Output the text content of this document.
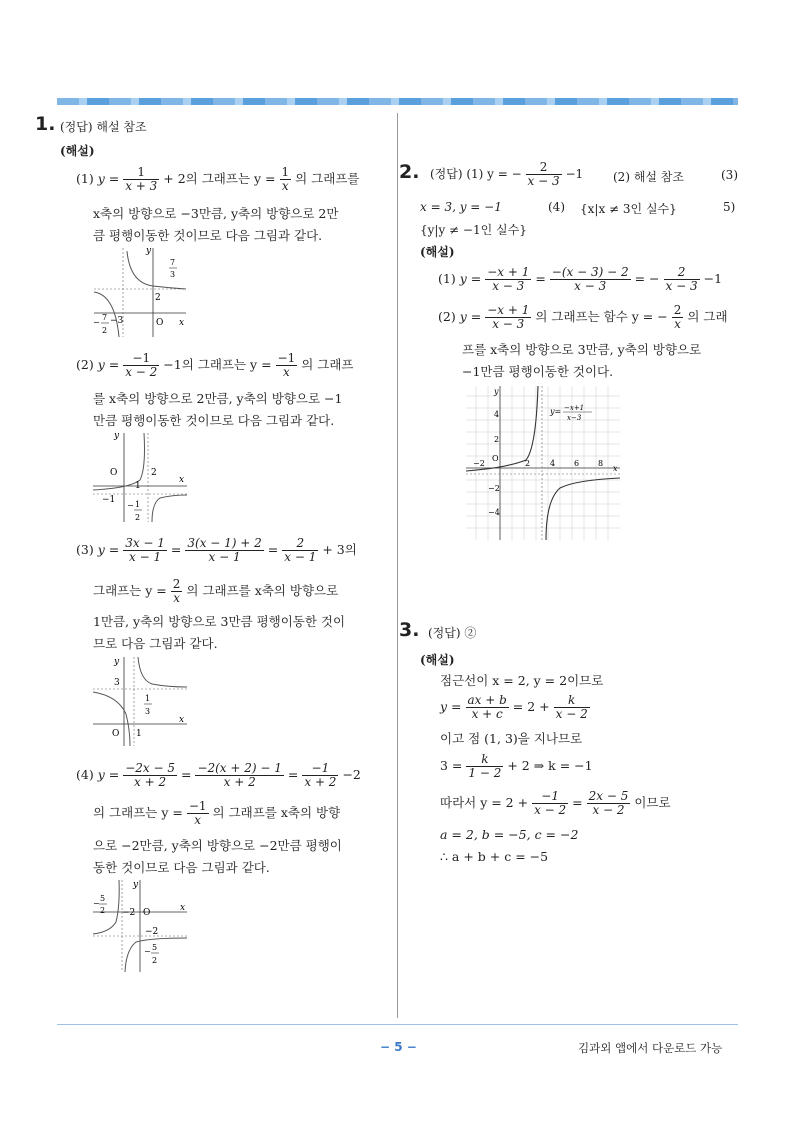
1. (정답) 해설 참조
(해설)
(1) $y = \frac{1}{x + 3} + 2$의 그래프는 $y = \frac{1}{x}$ 의 그래프를
x축의 방향으로 −3만큼, y축의 방향으로 2만
큼 평행이동한 것이므로 다음 그림과 같다.
y
x
O
−3
2
7
3
−
7
2
(2) $y = \frac{-1}{x - 2} -1$의 그래프는 $y = \frac{-1}{x}$ 의 그래프
를 x축의 방향으로 2만큼, y축의 방향으로 −1
만큼 평행이동한 것이므로 다음 그림과 같다.
y
x
O	2
1
−1
− 1
2
(3) $y = \frac{3x - 1}{x - 1} = \frac{3(x - 1) + 2}{x - 1} = \frac{2}{x - 1} + 3$의
그래프는 $y = \frac{2}{x}$ 의 그래프를 x축의 방향으로
1만큼, y축의 방향으로 3만큼 평행이동한 것이
므로 다음 그림과 같다.
y
x
O
3
1
1
3
(4) $y = \frac{-2x - 5}{x + 2} = \frac{-2(x + 2) - 1}{x + 2} = \frac{-1}{x + 2} -2$
의 그래프는 $y = \frac{-1}{x}$ 의 그래프를 x축의 방향
으로 −2만큼, y축의 방향으로 −2만큼 평행이
동한 것이므로 다음 그림과 같다.
y
x
O
−2
−2
−
5
2
− 5
2
2. (정답) (1) y = − $\frac{2}{x - 3} -1$ (2) 해설 참조	(3)
x = 3, y = −1	(4) {x|x ≠ 3인 실수}	5)
{y|y ≠ −1인 실수}
(해설)
(1) $y = \frac{-x + 1}{x - 3} = \frac{-(x - 3) - 2}{x - 3}$ = − $\frac{2}{x - 3} -1$
(2) $y = \frac{-x + 1}{x - 3}$ 의 그래프는 함수 y = − $\frac{2}{x}$ 의 그래
프를 x축의 방향으로 3만큼, y축의 방향으로
−1만큼 평행이동한 것이다.
y
x
O
−2	2 4 6 8
4
2
−2
−4
y= −x+1
x−3
3. (정답) ②
(해설)
점근선이 x = 2, y = 2이므로
$y = \frac{ax + b}{x + c} = 2 + \frac{k}{x - 2}$
이고 점 (1, 3)을 지나므로
$3 = \frac{k}{1 - 2} + 2$ ⇒ k = −1
따라서 $y = 2 + \frac{-1}{x - 2} = \frac{2x - 5}{x - 2}$ 이므로
a = 2, b = −5, c = −2
∴ a + b + c = −5
− 5 −	김과외 앱에서 다운로드 가능
